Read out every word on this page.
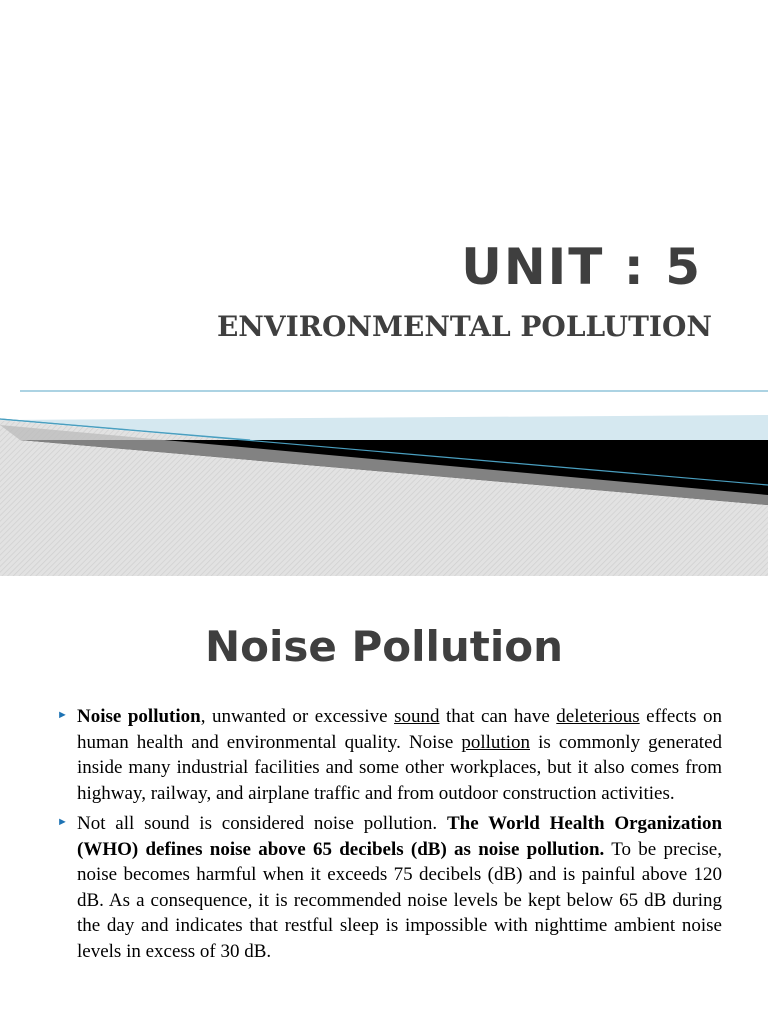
UNIT : 5
ENVIRONMENTAL POLLUTION
Noise Pollution
► Noise pollution, unwanted or excessive sound that can have deleterious effects on human health and environmental quality. Noise pollution is commonly generated inside many industrial facilities and some other workplaces, but it also comes from highway, railway, and airplane traffic and from outdoor construction activities.
► Not all sound is considered noise pollution. The World Health Organization (WHO) defines noise above 65 decibels (dB) as noise pollution. To be precise, noise becomes harmful when it exceeds 75 decibels (dB) and is painful above 120 dB. As a consequence, it is recommended noise levels be kept below 65 dB during the day and indicates that restful sleep is impossible with nighttime ambient noise levels in excess of 30 dB.
